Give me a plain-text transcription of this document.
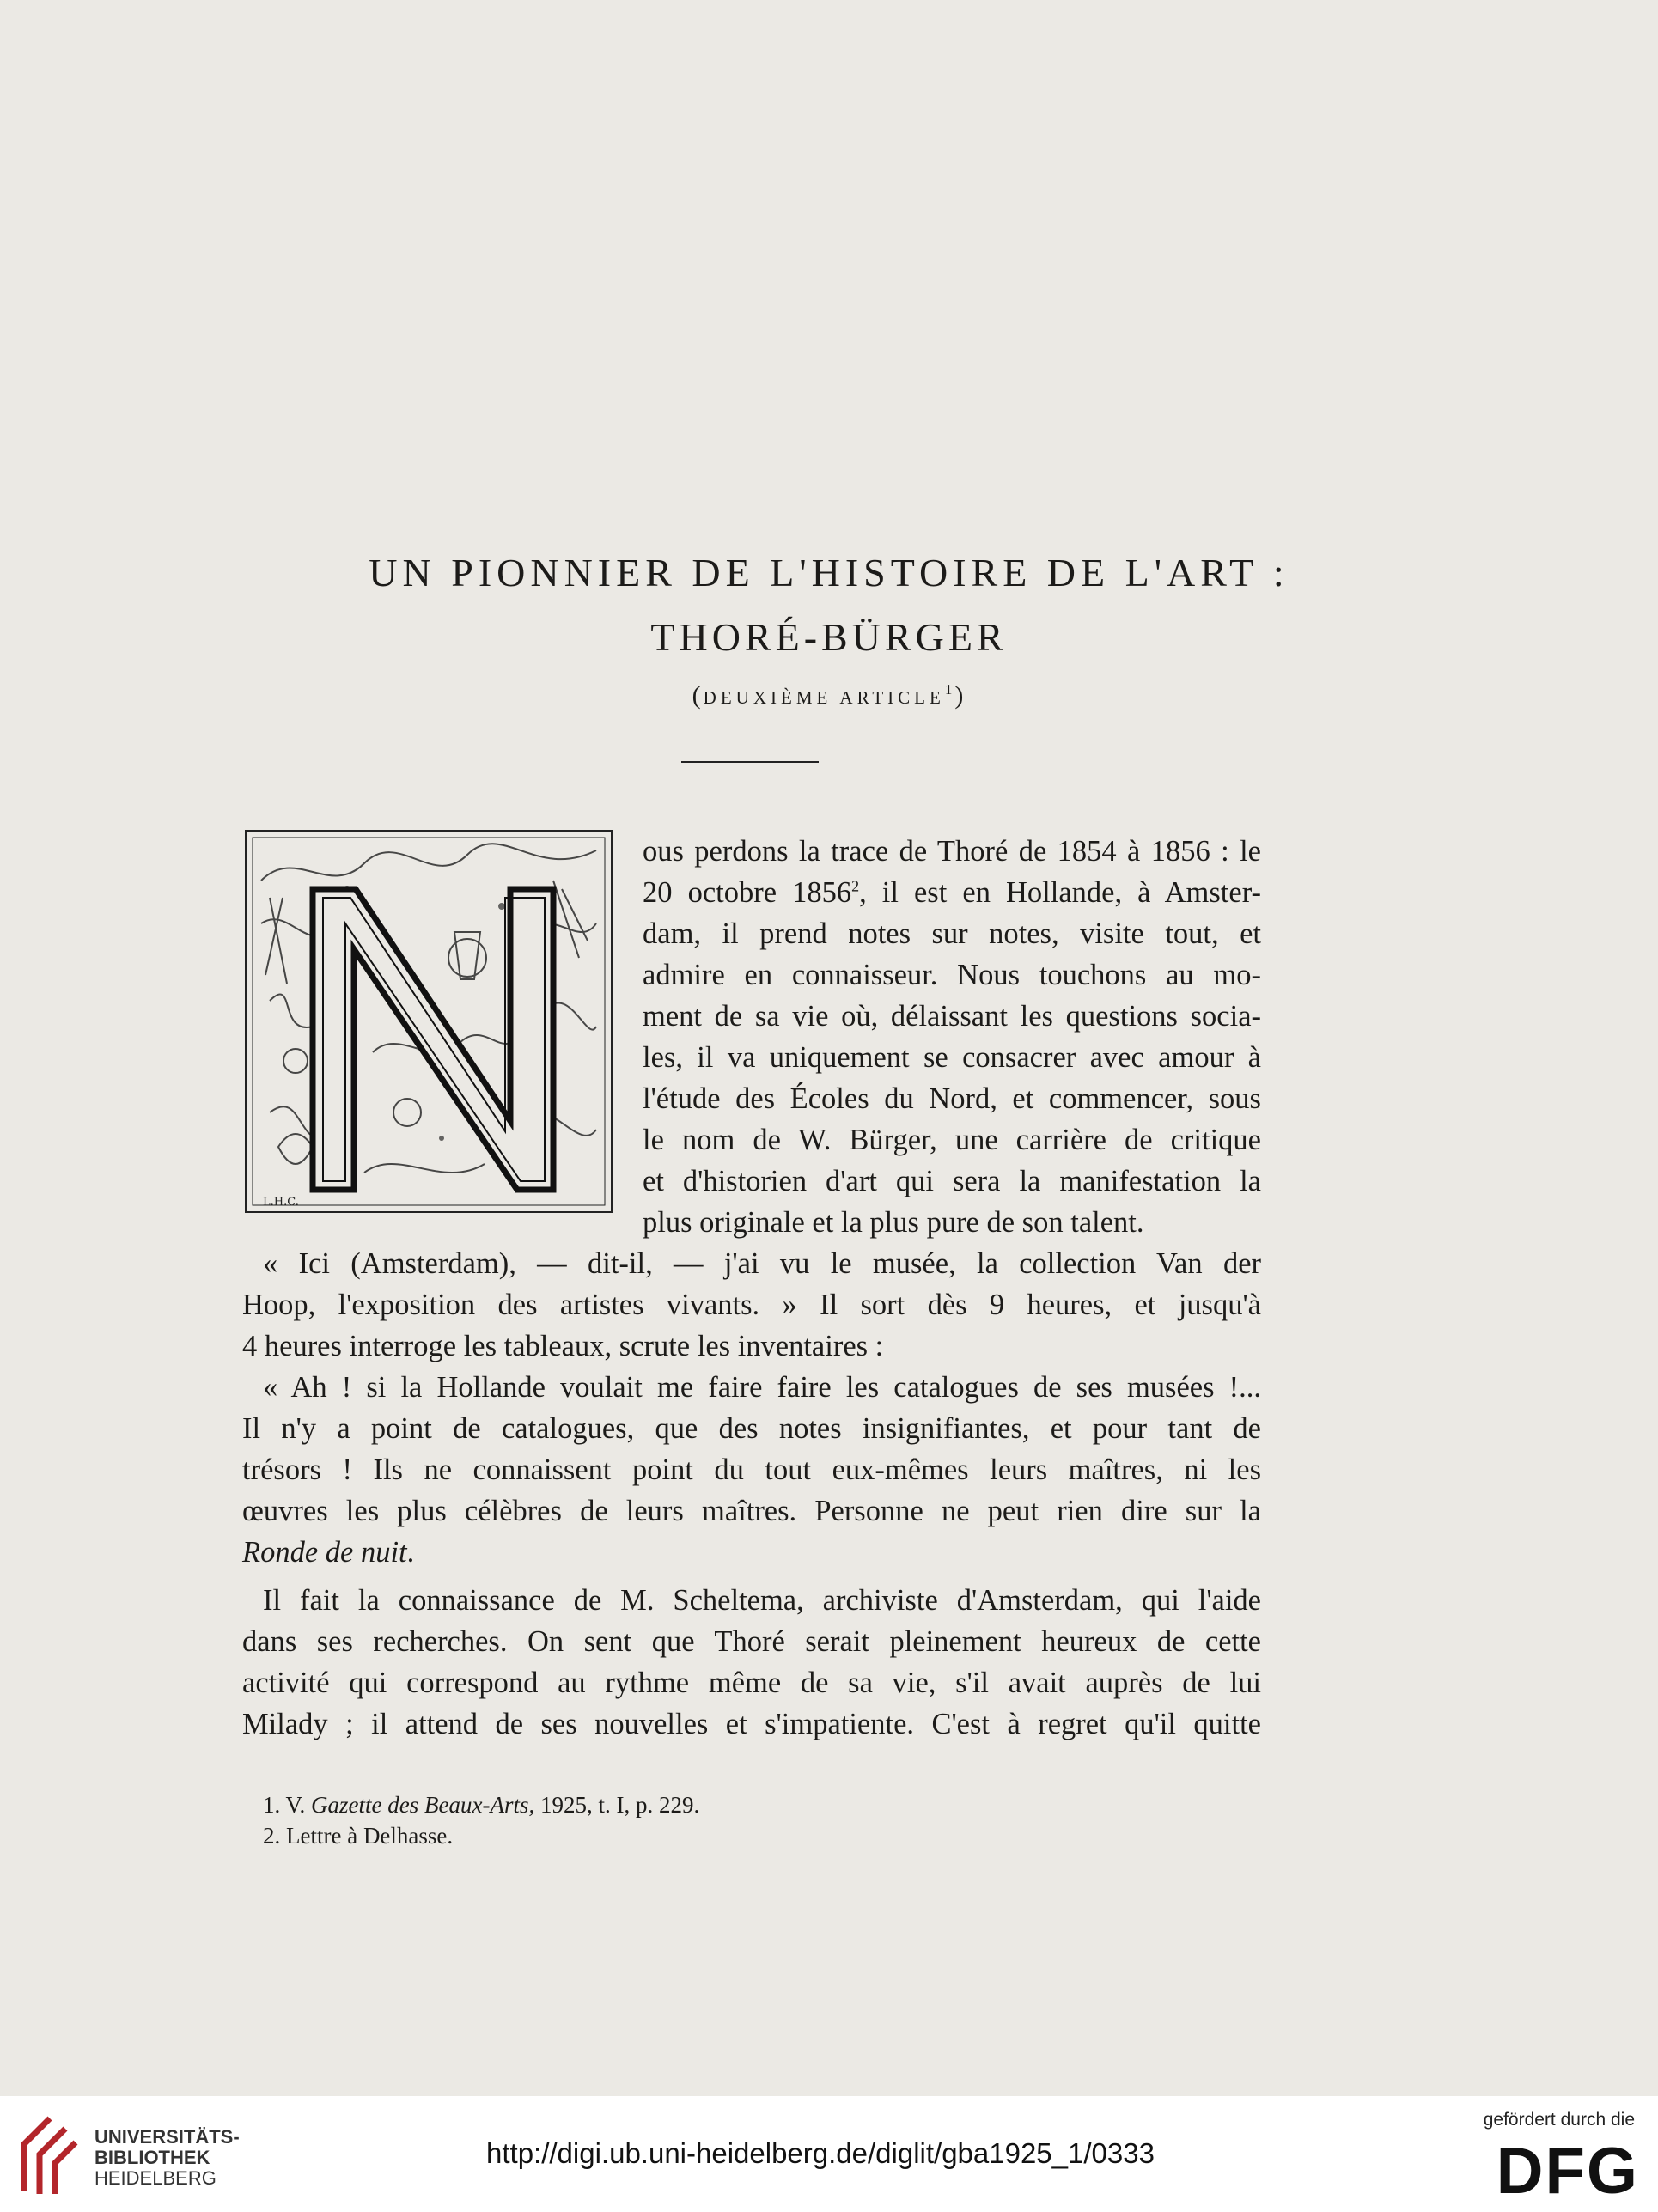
UN PIONNIER DE L'HISTOIRE DE L'ART :
THORÉ-BÜRGER
(DEUXIÈME ARTICLE$^1$)
L.H.C.
ous perdons la trace de Thoré de 1854 à 1856 : le
20 octobre 1856$^2$, il est en Hollande, à Amster-
dam, il prend notes sur notes, visite tout, et
admire en connaisseur. Nous touchons au mo-
ment de sa vie où, délaissant les questions socia-
les, il va uniquement se consacrer avec amour à
l'étude des Écoles du Nord, et commencer, sous
le nom de W. Bürger, une carrière de critique
et d'historien d'art qui sera la manifestation la
plus originale et la plus pure de son talent.
« Ici (Amsterdam), — dit-il, — j'ai vu le musée, la collection Van der
Hoop, l'exposition des artistes vivants. » Il sort dès 9 heures, et jusqu'à
4 heures interroge les tableaux, scrute les inventaires :
« Ah ! si la Hollande voulait me faire faire les catalogues de ses musées !...
Il n'y a point de catalogues, que des notes insignifiantes, et pour tant de
trésors ! Ils ne connaissent point du tout eux-mêmes leurs maîtres, ni les
œuvres les plus célèbres de leurs maîtres. Personne ne peut rien dire sur la
Ronde de nuit.
Il fait la connaissance de M. Scheltema, archiviste d'Amsterdam, qui l'aide
dans ses recherches. On sent que Thoré serait pleinement heureux de cette
activité qui correspond au rythme même de sa vie, s'il avait auprès de lui
Milady ; il attend de ses nouvelles et s'impatiente. C'est à regret qu'il quitte
1. V. Gazette des Beaux-Arts, 1925, t. I, p. 229.
2. Lettre à Delhasse.
UNIVERSITÄTS-
BIBLIOTHEK
HEIDELBERG
http://digi.ub.uni-heidelberg.de/diglit/gba1925_1/0333
gefördert durch die
DFG
